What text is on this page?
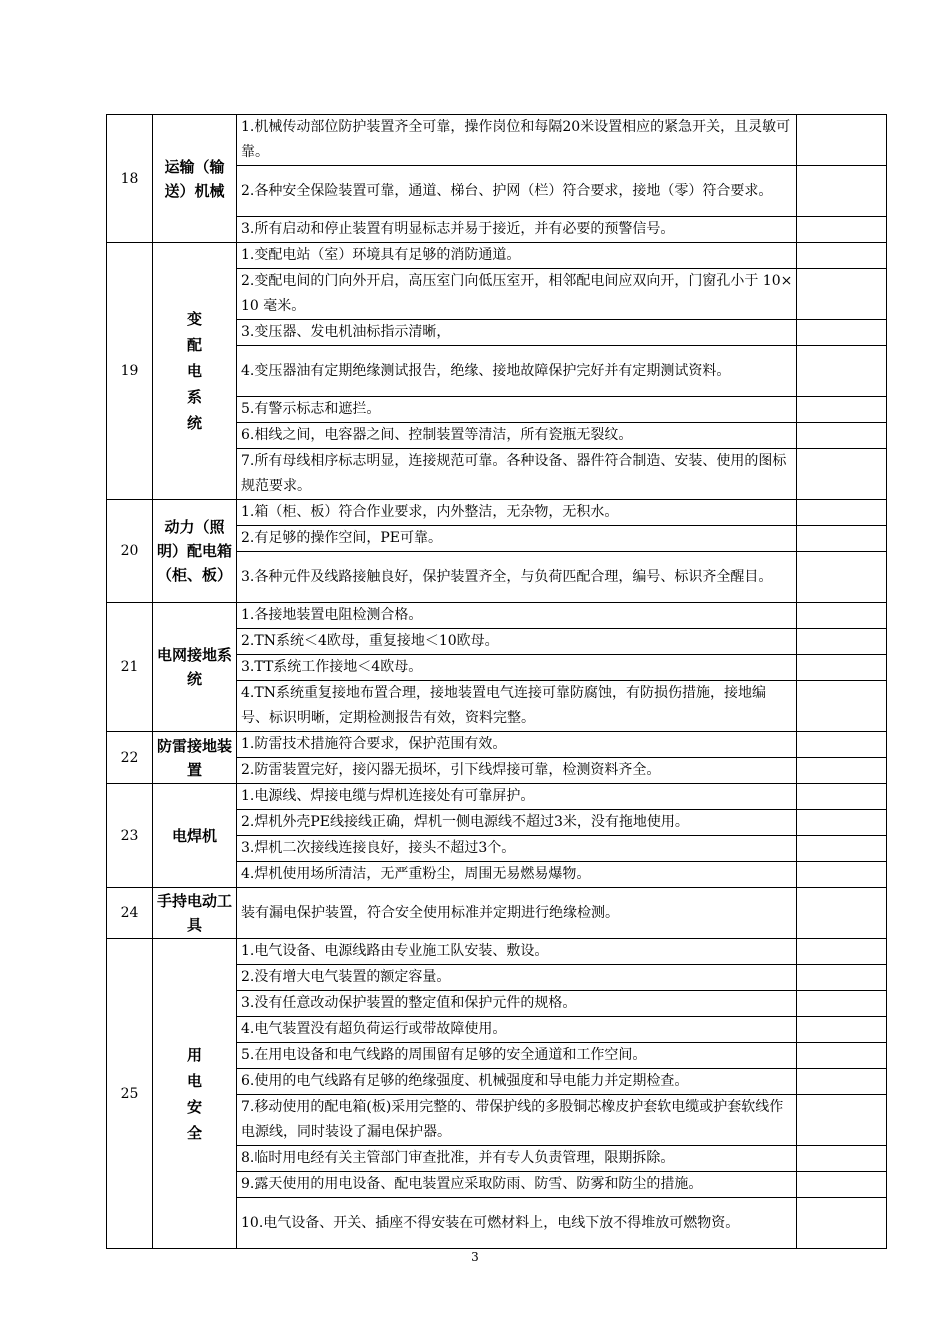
18	运输（输送）机械	1.机械传动部位防护装置齐全可靠，操作岗位和每隔20米设置相应的紧急开关，且灵敏可靠。	
		2.各种安全保险装置可靠，通道、梯台、护网（栏）符合要求，接地（零）符合要求。	
		3.所有启动和停止装置有明显标志并易于接近，并有必要的预警信号。	
19	变配电系统	1.变配电站（室）环境具有足够的消防通道。	
		2.变配电间的门向外开启，高压室门向低压室开，相邻配电间应双向开，门窗孔小于 10×10 毫米。	
		3.变压器、发电机油标指示清晰，	
		4.变压器油有定期绝缘测试报告，绝缘、接地故障保护完好并有定期测试资料。	
		5.有警示标志和遮拦。	
		6.相线之间，电容器之间、控制装置等清洁，所有瓷瓶无裂纹。	
		7.所有母线相序标志明显，连接规范可靠。各种设备、器件符合制造、安装、使用的图标规范要求。	
20	动力（照明）配电箱（柜、板）	1.箱（柜、板）符合作业要求，内外整洁，无杂物，无积水。	
		2.有足够的操作空间，PE可靠。	
		3.各种元件及线路接触良好，保护装置齐全，与负荷匹配合理，编号、标识齐全醒目。	
21	电网接地系统	1.各接地装置电阻检测合格。	
		2.TN系统＜4欧母，重复接地＜10欧母。	
		3.TT系统工作接地＜4欧母。	
		4.TN系统重复接地布置合理，接地装置电气连接可靠防腐蚀，有防损伤措施，接地编号、标识明晰，定期检测报告有效，资料完整。	
22	防雷接地装置	1.防雷技术措施符合要求，保护范围有效。	
		2.防雷装置完好，接闪器无损坏，引下线焊接可靠，检测资料齐全。	
23	电焊机	1.电源线、焊接电缆与焊机连接处有可靠屏护。	
		2.焊机外壳PE线接线正确，焊机一侧电源线不超过3米，没有拖地使用。	
		3.焊机二次接线连接良好，接头不超过3个。	
		4.焊机使用场所清洁，无严重粉尘，周围无易燃易爆物。	
24	手持电动工具	装有漏电保护装置，符合安全使用标准并定期进行绝缘检测。	
25	用电安全	1.电气设备、电源线路由专业施工队安装、敷设。	
		2.没有增大电气装置的额定容量。	
		3.没有任意改动保护装置的整定值和保护元件的规格。	
		4.电气装置没有超负荷运行或带故障使用。	
		5.在用电设备和电气线路的周围留有足够的安全通道和工作空间。	
		6.使用的电气线路有足够的绝缘强度、机械强度和导电能力并定期检查。	
		7.移动使用的配电箱(板)采用完整的、带保护线的多股铜芯橡皮护套软电缆或护套软线作电源线，同时装设了漏电保护器。	
		8.临时用电经有关主管部门审查批准，并有专人负责管理，限期拆除。	
		9.露天使用的用电设备、配电装置应采取防雨、防雪、防雾和防尘的措施。	
		10.电气设备、开关、插座不得安装在可燃材料上，电线下放不得堆放可燃物资。	
3
